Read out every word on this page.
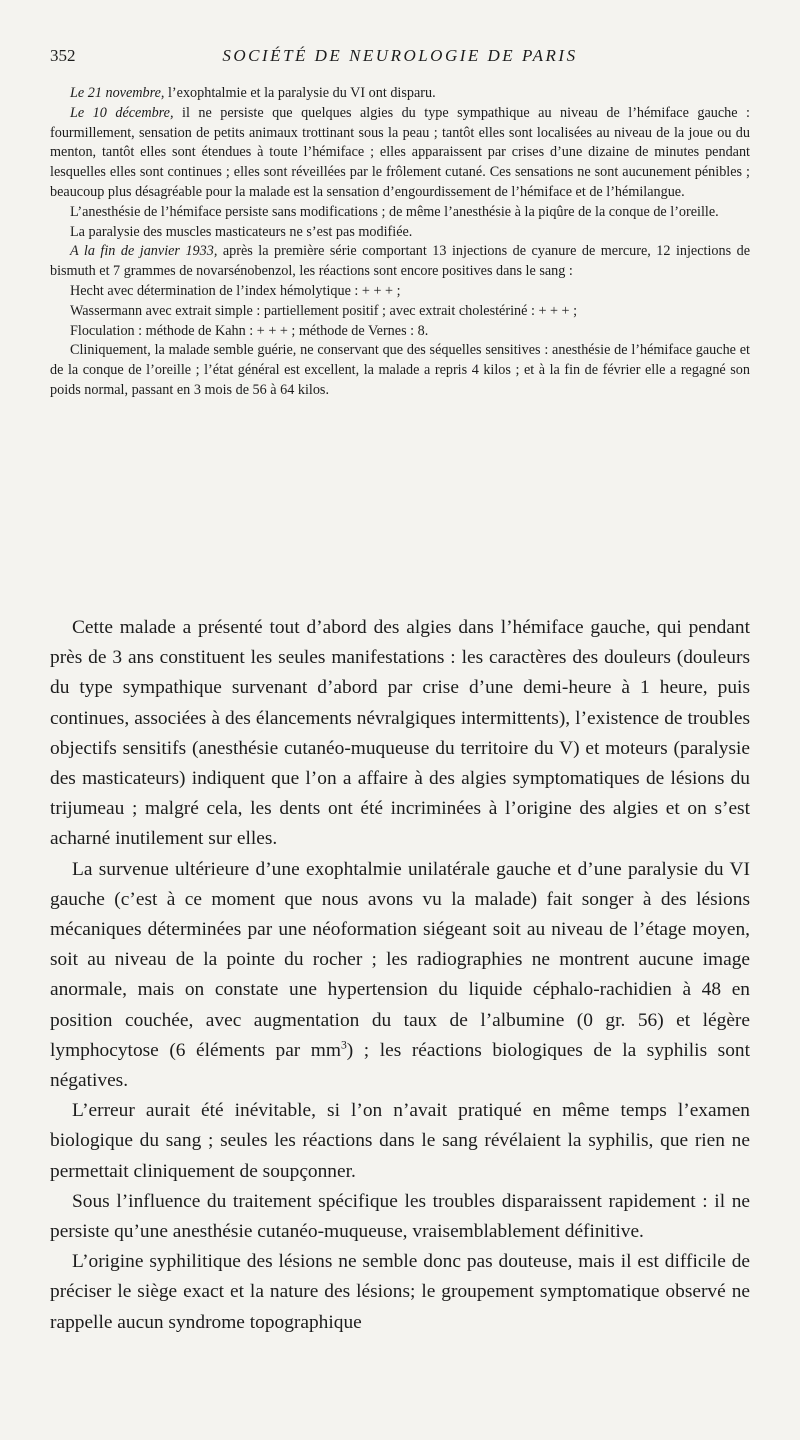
352	SOCIÉTÉ DE NEUROLOGIE DE PARIS

Le 21 novembre, l’exophtalmie et la paralysie du VI ont disparu.

Le 10 décembre, il ne persiste que quelques algies du type sympathique au niveau de l’hémiface gauche : fourmillement, sensation de petits animaux trottinant sous la peau ; tantôt elles sont localisées au niveau de la joue ou du menton, tantôt elles sont étendues à toute l’hémiface ; elles apparaissent par crises d’une dizaine de minutes pendant lesquelles elles sont continues ; elles sont réveillées par le frôlement cutané. Ces sensations ne sont aucunement pénibles ; beaucoup plus désagréable pour la malade est la sensation d’engourdissement de l’hémiface et de l’hémilangue.

L’anesthésie de l’hémiface persiste sans modifications ; de même l’anesthésie à la piqûre de la conque de l’oreille.

La paralysie des muscles masticateurs ne s’est pas modifiée.

A la fin de janvier 1933, après la première série comportant 13 injections de cyanure de mercure, 12 injections de bismuth et 7 grammes de novarsénobenzol, les réactions sont encore positives dans le sang :

Hecht avec détermination de l’index hémolytique : + + + ;

Wassermann avec extrait simple : partiellement positif ; avec extrait cholestériné : + + + ;

Floculation : méthode de Kahn : + + + ; méthode de Vernes : 8.

Cliniquement, la malade semble guérie, ne conservant que des séquelles sensitives : anesthésie de l’hémiface gauche et de la conque de l’oreille ; l’état général est excellent, la malade a repris 4 kilos ; et à la fin de février elle a regagné son poids normal, passant en 3 mois de 56 à 64 kilos.

Cette malade a présenté tout d’abord des algies dans l’hémiface gauche, qui pendant près de 3 ans constituent les seules manifestations : les caractères des douleurs (douleurs du type sympathique survenant d’abord par crise d’une demi-heure à 1 heure, puis continues, associées à des élancements névralgiques intermittents), l’existence de troubles objectifs sensitifs (anesthésie cutanéo-muqueuse du territoire du V) et moteurs (paralysie des masticateurs) indiquent que l’on a affaire à des algies symptomatiques de lésions du trijumeau ; malgré cela, les dents ont été incriminées à l’origine des algies et on s’est acharné inutilement sur elles.

La survenue ultérieure d’une exophtalmie unilatérale gauche et d’une paralysie du VI gauche (c’est à ce moment que nous avons vu la malade) fait songer à des lésions mécaniques déterminées par une néoformation siégeant soit au niveau de l’étage moyen, soit au niveau de la pointe du rocher ; les radiographies ne montrent aucune image anormale, mais on constate une hypertension du liquide céphalo-rachidien à 48 en position couchée, avec augmentation du taux de l’albumine (0 gr. 56) et légère lymphocytose (6 éléments par $mm^3$) ; les réactions biologiques de la syphilis sont négatives.

L’erreur aurait été inévitable, si l’on n’avait pratiqué en même temps l’examen biologique du sang ; seules les réactions dans le sang révélaient la syphilis, que rien ne permettait cliniquement de soupçonner.

Sous l’influence du traitement spécifique les troubles disparaissent rapidement : il ne persiste qu’une anesthésie cutanéo-muqueuse, vraisemblablement définitive.

L’origine syphilitique des lésions ne semble donc pas douteuse, mais il est difficile de préciser le siège exact et la nature des lésions; le groupement symptomatique observé ne rappelle aucun syndrome topographique
